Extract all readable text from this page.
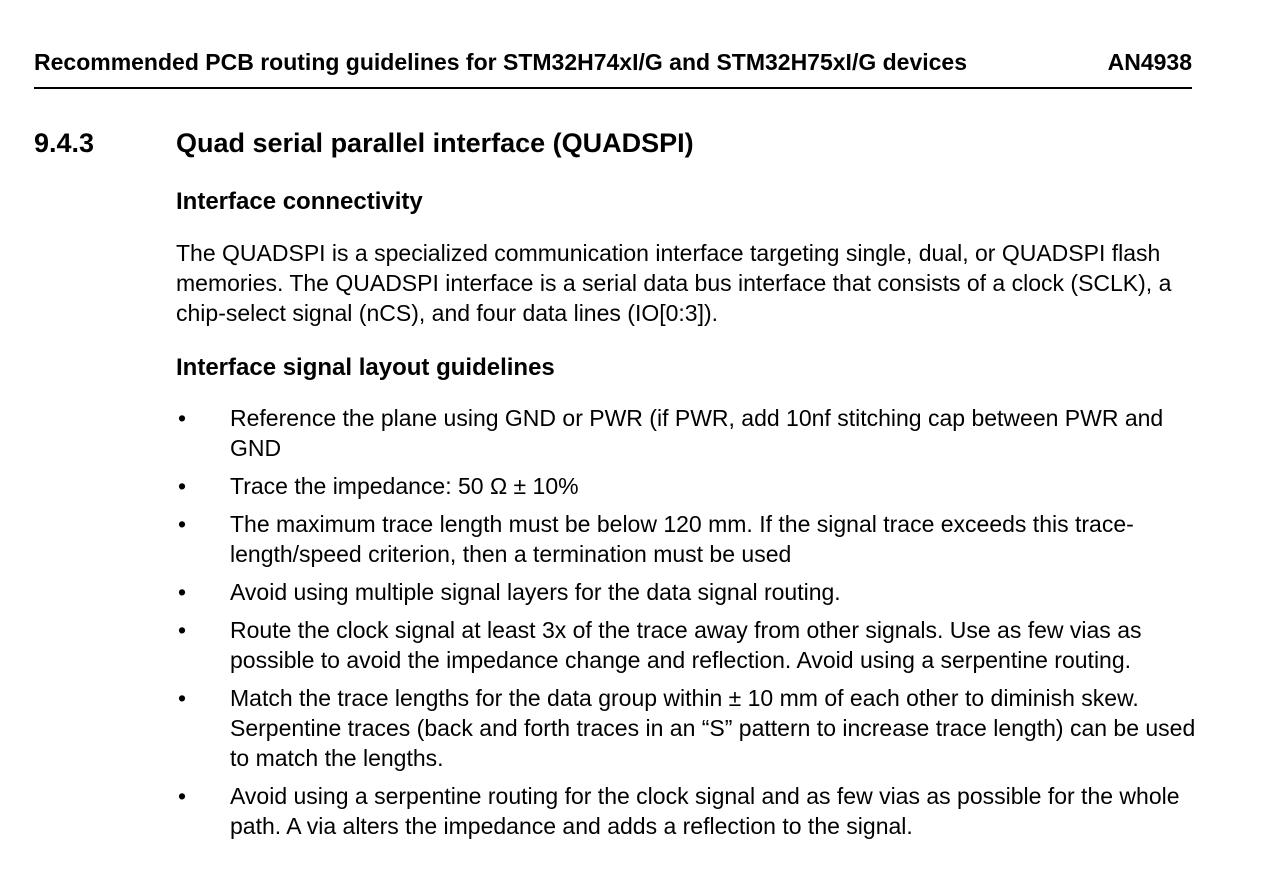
Recommended PCB routing guidelines for STM32H74xI/G and STM32H75xI/G devices	AN4938
9.4.3	Quad serial parallel interface (QUADSPI)
Interface connectivity

The QUADSPI is a specialized communication interface targeting single, dual, or QUADSPI flash memories. The QUADSPI interface is a serial data bus interface that consists of a clock (SCLK), a chip-select signal (nCS), and four data lines (IO[0:3]).

Interface signal layout guidelines
• Reference the plane using GND or PWR (if PWR, add 10nf stitching cap between PWR and GND
• Trace the impedance: 50 Ω ± 10%
• The maximum trace length must be below 120 mm. If the signal trace exceeds this trace-length/speed criterion, then a termination must be used
• Avoid using multiple signal layers for the data signal routing.
• Route the clock signal at least 3x of the trace away from other signals. Use as few vias as possible to avoid the impedance change and reflection. Avoid using a serpentine routing.
• Match the trace lengths for the data group within ± 10 mm of each other to diminish skew. Serpentine traces (back and forth traces in an “S” pattern to increase trace length) can be used to match the lengths.
• Avoid using a serpentine routing for the clock signal and as few vias as possible for the whole path. A via alters the impedance and adds a reflection to the signal.
